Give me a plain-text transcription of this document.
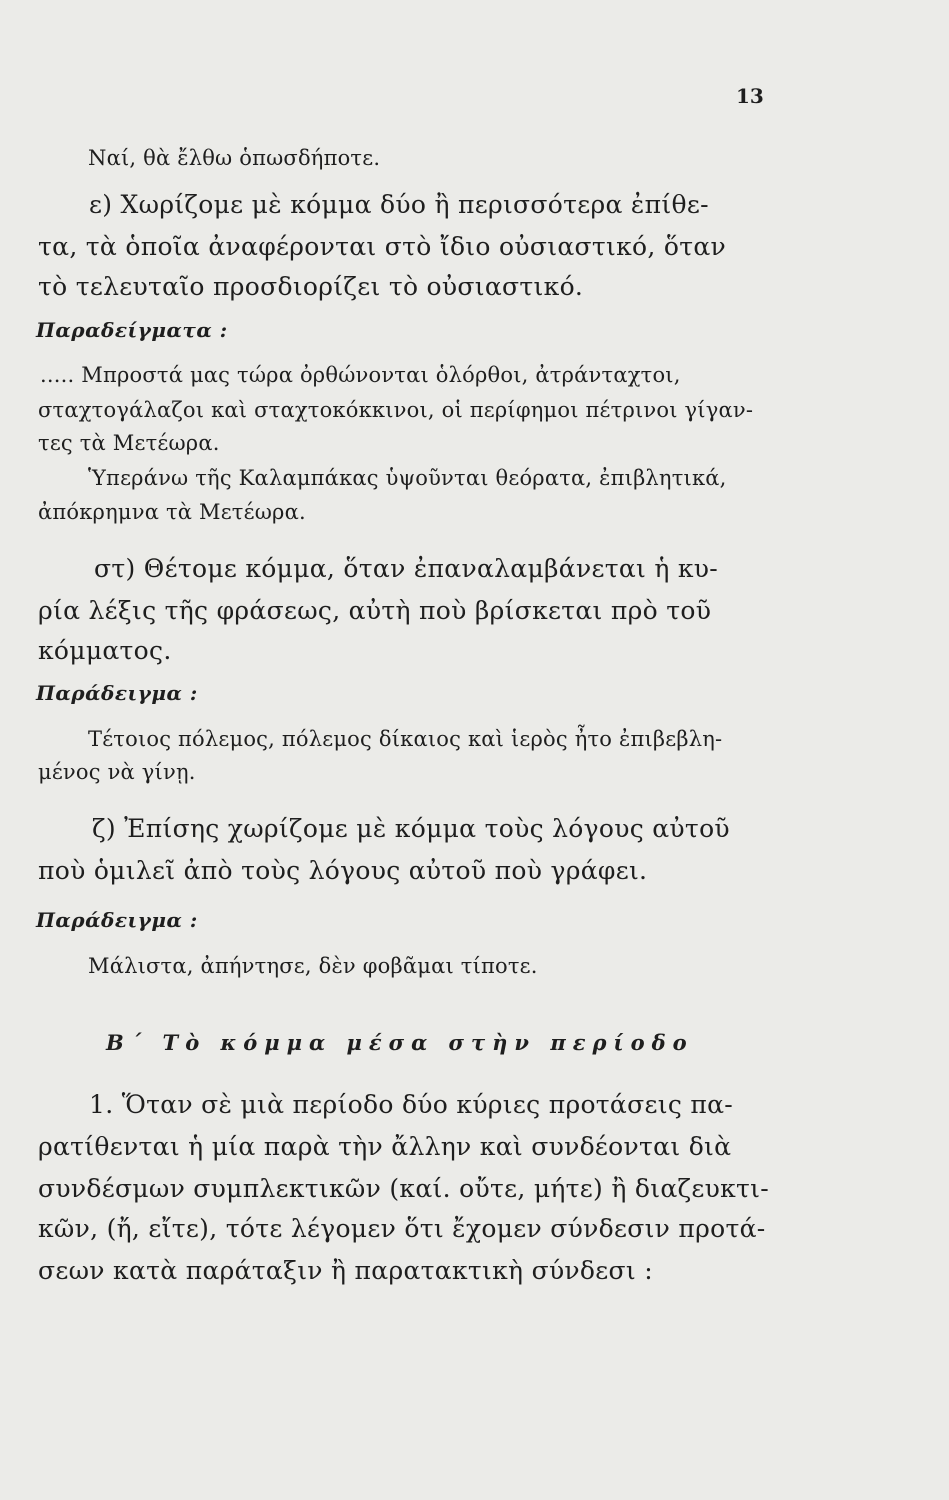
13
Ναί, θὰ ἔλθω ὁπωσδήποτε.
ε) Χωρίζομε μὲ κόμμα δύο ἢ περισσότερα ἐπίθε-
τα, τὰ ὁποῖα ἀναφέρονται στὸ ἴδιο οὐσιαστικό, ὅταν
τὸ τελευταῖο προσδιορίζει τὸ οὐσιαστικό.
Παραδείγματα :
..... Μπροστά μας τώρα ὀρθώνονται ὁλόρθοι, ἀτράνταχτοι,
σταχτογάλαζοι καὶ σταχτοκόκκινοι, οἱ περίφημοι πέτρινοι γίγαν-
τες τὰ Μετέωρα.
Ὑπεράνω τῆς Καλαμπάκας ὑψοῦνται θεόρατα, ἐπιβλητικά,
ἀπόκρημνα τὰ Μετέωρα.
στ) Θέτομε κόμμα, ὅταν ἐπαναλαμβάνεται ἡ κυ-
ρία λέξις τῆς φράσεως, αὐτὴ ποὺ βρίσκεται πρὸ τοῦ
κόμματος.
Παράδειγμα :
Τέτοιος πόλεμος, πόλεμος δίκαιος καὶ ἱερὸς ἦτο ἐπιβεβλη-
μένος νὰ γίνῃ.
ζ) Ἐπίσης χωρίζομε μὲ κόμμα τοὺς λόγους αὐτοῦ
ποὺ ὁμιλεῖ ἀπὸ τοὺς λόγους αὐτοῦ ποὺ γράφει.
Παράδειγμα :
Μάλιστα, ἀπήντησε, δὲν φοβᾶμαι τίποτε.
Β΄ Τὸ κόμμα μέσα στὴν περίοδο
1. Ὅταν σὲ μιὰ περίοδο δύο κύριες προτάσεις πα-
ρατίθενται ἡ μία παρὰ τὴν ἄλλην καὶ συνδέονται διὰ
συνδέσμων συμπλεκτικῶν (καί. οὔτε, μήτε) ἢ διαζευκτι-
κῶν, (ἤ, εἴτε), τότε λέγομεν ὅτι ἔχομεν σύνδεσιν προτά-
σεων κατὰ παράταξιν ἢ παρατακτικὴ σύνδεσι :
